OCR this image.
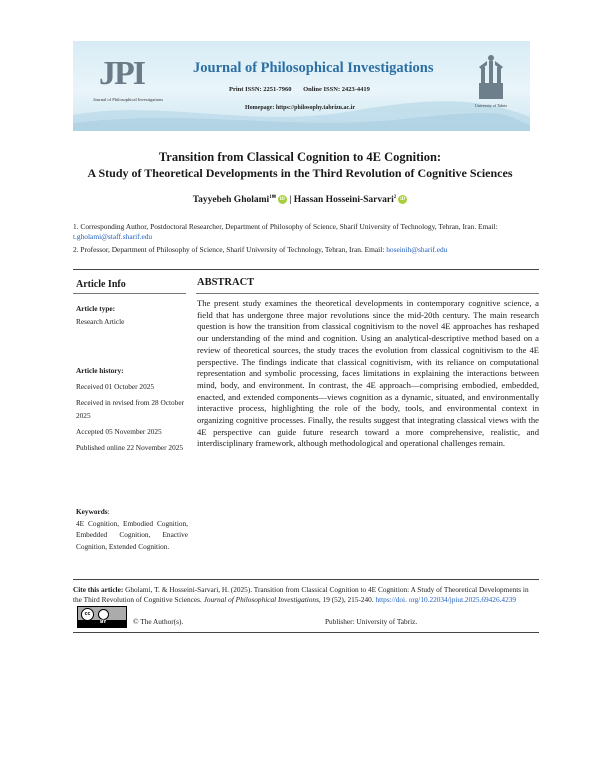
JPI
Journal of Philosophical Investigations
Journal of Philosophical Investigations
Print ISSN: 2251-7960 Online ISSN: 2423-4419
Homepage: https://philosophy.tabrizu.ac.ir	University of Tabriz
Transition from Classical Cognition to 4E Cognition:
A Study of Theoretical Developments in the Third Revolution of Cognitive Sciences
Tayyebeh Gholami$^{1✉}$ iD | Hassan Hosseini-Sarvari$^2$ iD
1. Corresponding Author, Postdoctoral Researcher, Department of Philosophy of Science, Sharif University of Technology, Tehran, Iran. Email: t.gholami@staff.sharif.edu
2. Professor, Department of Philosophy of Science, Sharif University of Technology, Tehran, Iran. Email: hoseinih@sharif.edu
Article Info	ABSTRACT
Article type:
Research Article
Article history:
Received 01 October 2025
Received in revised from 28 October 2025
Accepted 05 November 2025
Published online 22 November 2025
Keywords:
4E Cognition, Embodied Cognition, Embedded Cognition, Enactive Cognition, Extended Cognition.
The present study examines the theoretical developments in contemporary cognitive science, a field that has undergone three major revolutions since the mid-20th century. The main research question is how the transition from classical cognitivism to the novel 4E approaches has reshaped our understanding of the mind and cognition. Using an analytical-descriptive method based on a review of theoretical sources, the study traces the evolution from classical cognitivism to the 4E perspective. The findings indicate that classical cognitivism, with its reliance on computational representation and symbolic processing, faces limitations in explaining the interactions between mind, body, and environment. In contrast, the 4E approach—comprising embodied, embedded, enacted, and extended components—views cognition as a dynamic, situated, and environmentally interactive process, highlighting the role of the body, tools, and environmental context in organizing cognitive processes. Finally, the results suggest that integrating classical views with the 4E perspective can guide future research toward a more comprehensive, realistic, and interdisciplinary framework, although methodological and operational challenges remain.
Cite this article: Gholami, T. & Hosseini-Sarvari, H. (2025). Transition from Classical Cognition to 4E Cognition: A Study of Theoretical Developments in the Third Revolution of Cognitive Sciences. Journal of Philosophical Investigations, 19 (52), 215-240. https://doi. org/10.22034/jpiut.2025.69426.4239
cc
BY	© The Author(s).	Publisher: University of Tabriz.
